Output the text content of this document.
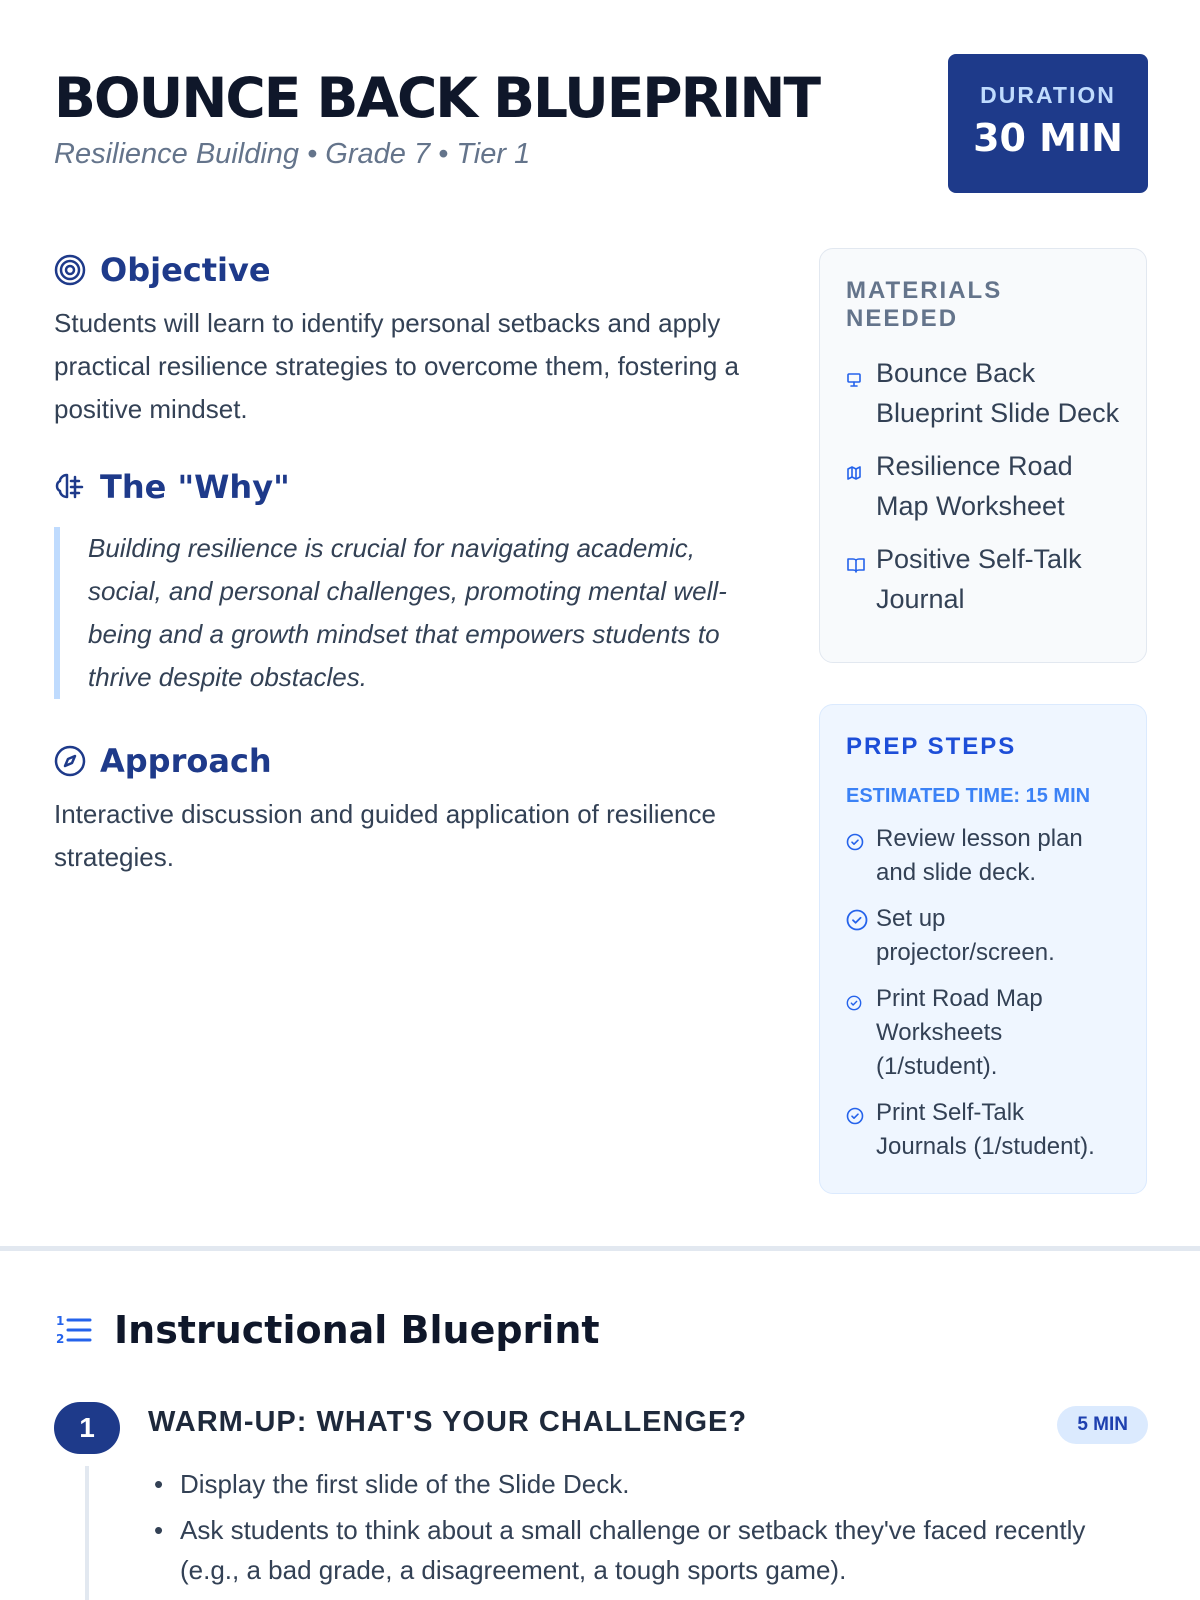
BOUNCE BACK BLUEPRINT
Resilience Building • Grade 7 • Tier 1
DURATION
30 MIN
Objective

Students will learn to identify personal setbacks and apply practical resilience strategies to overcome them, fostering a positive mindset.

The "Why"
Building resilience is crucial for navigating academic, social, and personal challenges, promoting mental well-being and a growth mindset that empowers students to thrive despite obstacles.
Approach

Interactive discussion and guided application of resilience strategies.

MATERIALS NEEDED
Bounce Back Blueprint Slide Deck
Resilience Road Map Worksheet
Positive Self-Talk Journal
PREP STEPS
ESTIMATED TIME: 15 MIN
Review lesson plan and slide deck.
Set up projector/screen.
Print Road Map Worksheets (1/student).
Print Self-Talk Journals (1/student).
1
2 Instructional Blueprint
1	WARM-UP: WHAT'S YOUR CHALLENGE?	5 MIN
• Display the first slide of the Slide Deck.
• Ask students to think about a small challenge or setback they've faced recently (e.g., a bad grade, a disagreement, a tough sports game).
